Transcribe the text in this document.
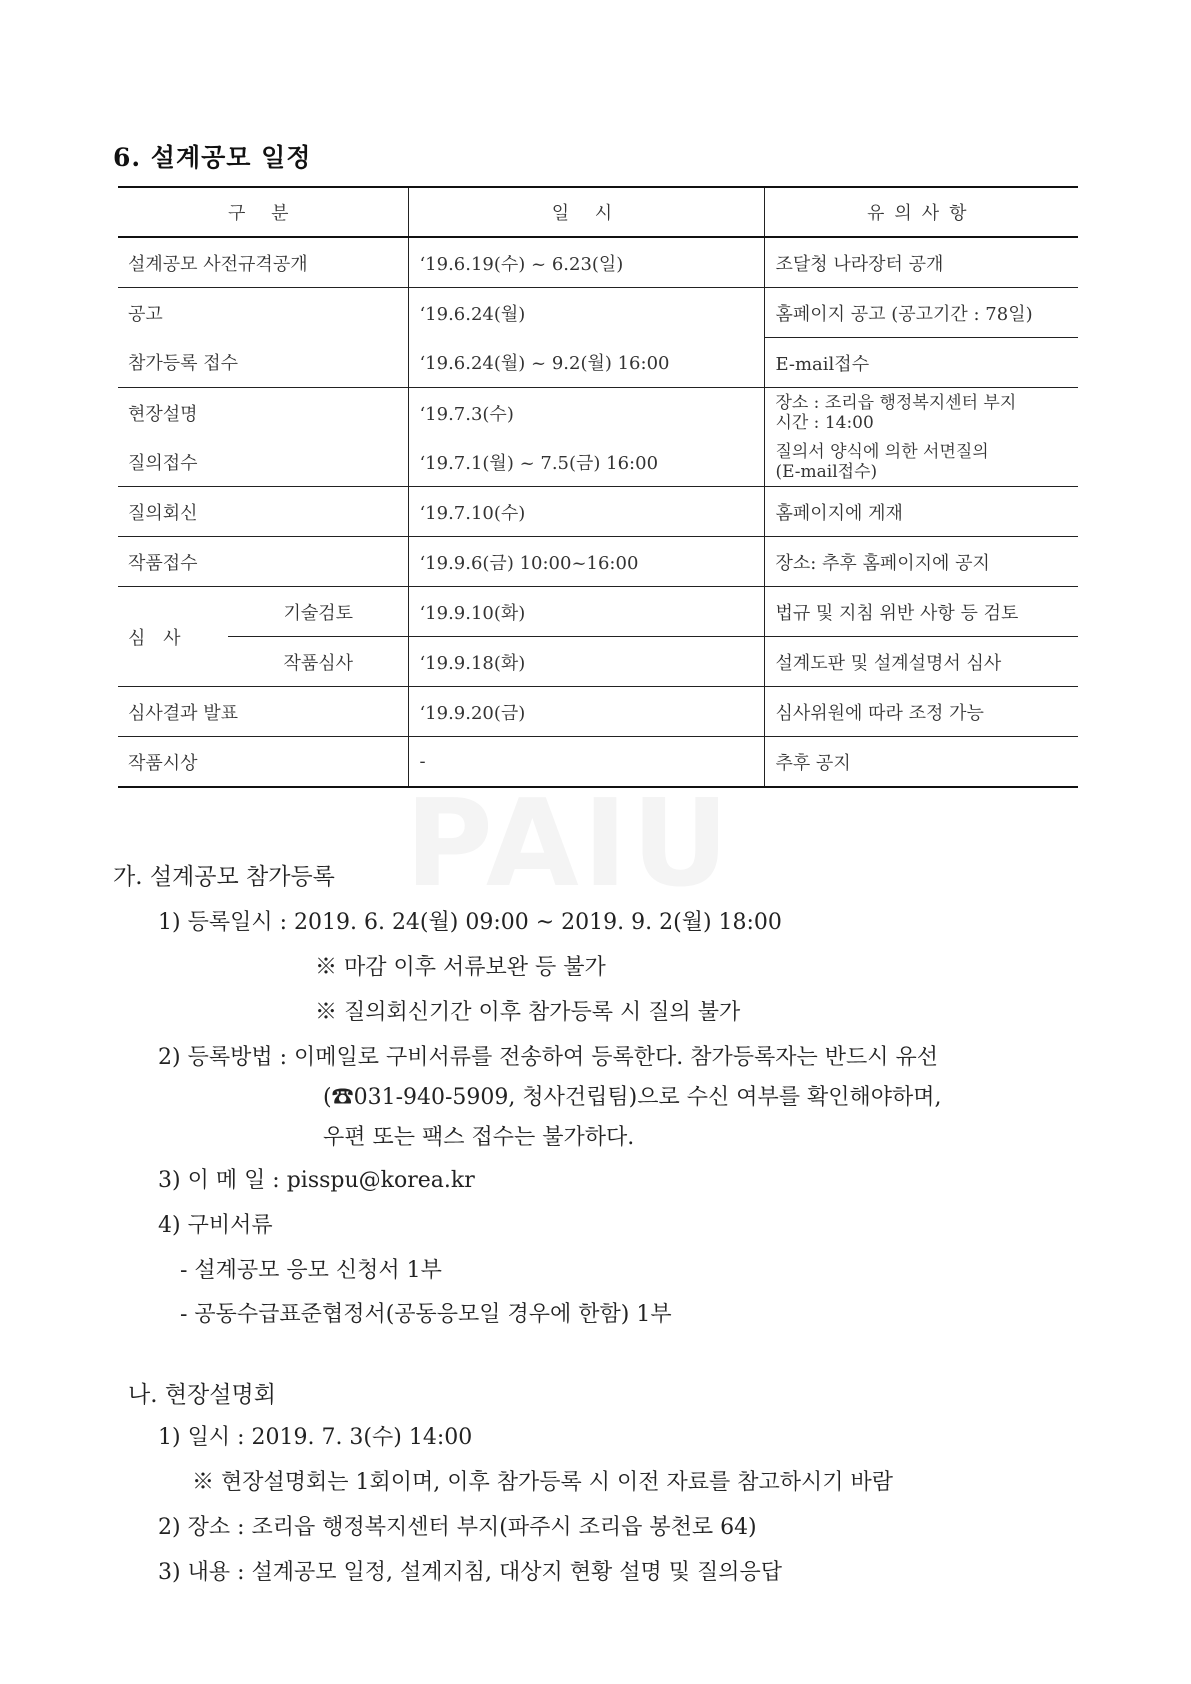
PAIU
6. 설계공모 일정
구 분		일 시	유의사항
설계공모 사전규격공개		‘19.6.19(수) ~ 6.23(일)	조달청 나라장터 공개
공고		‘19.6.24(월)	홈페이지 공고 (공고기간 : 78일)
참가등록 접수		‘19.6.24(월) ~ 9.2(월) 16:00	E-mail접수
현장설명		‘19.7.3(수)	장소 : 조리읍 행정복지센터 부지
시간 : 14:00

질의접수		‘19.7.1(월) ~ 7.5(금) 16:00	질의서 양식에 의한 서면질의
(E-mail접수)

질의회신		‘19.7.10(수)	홈페이지에 게재
작품접수		‘19.9.6(금) 10:00~16:00	장소: 추후 홈페이지에 공지
심 사	기술검토	‘19.9.10(화)	법규 및 지침 위반 사항 등 검토
	작품심사	‘19.9.18(화)	설계도판 및 설계설명서 심사
심사결과 발표		‘19.9.20(금)	심사위원에 따라 조정 가능
작품시상		-	추후 공지
가. 설계공모 참가등록
1) 등록일시 : 2019. 6. 24(월) 09:00 ~ 2019. 9. 2(월) 18:00
※ 마감 이후 서류보완 등 불가
※ 질의회신기간 이후 참가등록 시 질의 불가
2) 등록방법 : 이메일로 구비서류를 전송하여 등록한다. 참가등록자는 반드시 유선
(☎031-940-5909, 청사건립팀)으로 수신 여부를 확인해야하며,
우편 또는 팩스 접수는 불가하다.
3) 이 메 일 : pisspu@korea.kr
4) 구비서류
- 설계공모 응모 신청서 1부
- 공동수급표준협정서(공동응모일 경우에 한함) 1부
나. 현장설명회
1) 일시 : 2019. 7. 3(수) 14:00
※ 현장설명회는 1회이며, 이후 참가등록 시 이전 자료를 참고하시기 바람
2) 장소 : 조리읍 행정복지센터 부지(파주시 조리읍 봉천로 64)
3) 내용 : 설계공모 일정, 설계지침, 대상지 현황 설명 및 질의응답
